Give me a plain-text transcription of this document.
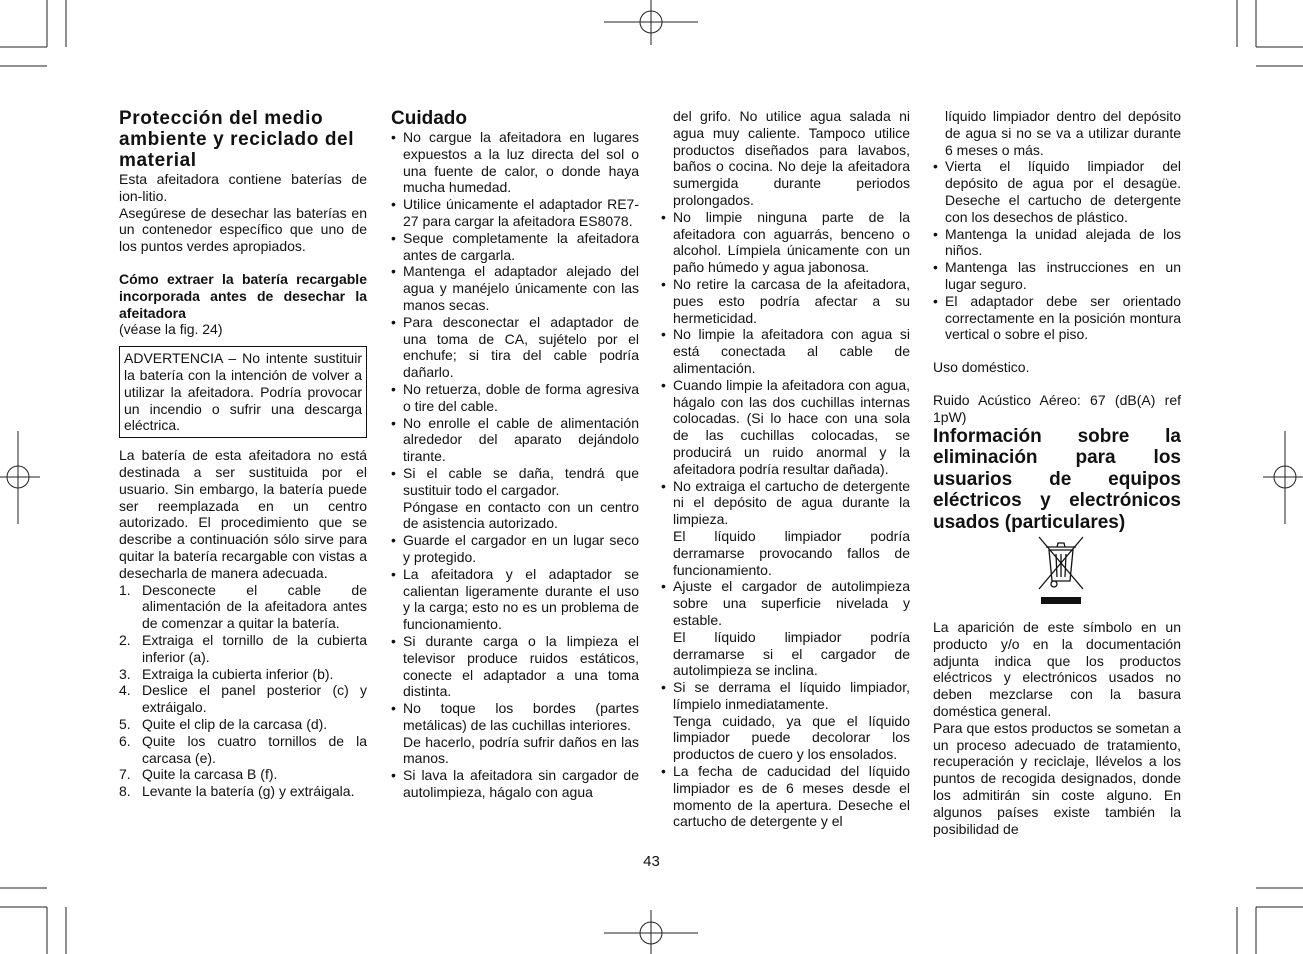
Protección del medio ambiente y reciclado del material

Esta afeitadora contiene baterías de ion-litio.

Asegúrese de desechar las baterías en un contenedor específico que uno de los puntos verdes apropiados.

Cómo extraer la batería recargable incorporada antes de desechar la afeitadora

(véase la fig. 24)

ADVERTENCIA – No intente sustituir la batería con la intención de volver a utilizar la afeitadora. Podría provocar un incendio o sufrir una descarga eléctrica.

La batería de esta afeitadora no está destinada a ser sustituida por el usuario. Sin embargo, la batería puede ser reemplazada en un centro autorizado. El procedimiento que se describe a continuación sólo sirve para quitar la batería recargable con vistas a desecharla de manera adecuada.

1. Desconecte el cable de alimentación de la afeitadora antes de comenzar a quitar la batería.
2. Extraiga el tornillo de la cubierta inferior (a).
3. Extraiga la cubierta inferior (b).
4. Deslice el panel posterior (c) y extráigalo.
5. Quite el clip de la carcasa (d).
6. Quite los cuatro tornillos de la carcasa (e).
7. Quite la carcasa B (f).
8. Levante la batería (g) y extráigala.

Cuidado

• No cargue la afeitadora en lugares expuestos a la luz directa del sol o una fuente de calor, o donde haya mucha humedad.
• Utilice únicamente el adaptador RE7-27 para cargar la afeitadora ES8078.
• Seque completamente la afeitadora antes de cargarla.
• Mantenga el adaptador alejado del agua y manéjelo únicamente con las manos secas.
• Para desconectar el adaptador de una toma de CA, sujételo por el enchufe; si tira del cable podría dañarlo.
• No retuerza, doble de forma agresiva o tire del cable.
• No enrolle el cable de alimentación alrededor del aparato dejándolo tirante.
• Si el cable se daña, tendrá que sustituir todo el cargador.
Póngase en contacto con un centro de asistencia autorizado.
• Guarde el cargador en un lugar seco y protegido.
• La afeitadora y el adaptador se calientan ligeramente durante el uso y la carga; esto no es un problema de funcionamiento.
• Si durante carga o la limpieza el televisor produce ruidos estáticos, conecte el adaptador a una toma distinta.
• No toque los bordes (partes metálicas) de las cuchillas interiores.
De hacerlo, podría sufrir daños en las manos.
• Si lava la afeitadora sin cargador de autolimpieza, hágalo con agua

del grifo. No utilice agua salada ni agua muy caliente. Tampoco utilice productos diseñados para lavabos, baños o cocina. No deje la afeitadora sumergida durante periodos prolongados.

• No limpie ninguna parte de la afeitadora con aguarrás, benceno o alcohol. Límpiela únicamente con un paño húmedo y agua jabonosa.
• No retire la carcasa de la afeitadora, pues esto podría afectar a su hermeticidad.
• No limpie la afeitadora con agua si está conectada al cable de alimentación.
• Cuando limpie la afeitadora con agua, hágalo con las dos cuchillas internas colocadas. (Si lo hace con una sola de las cuchillas colocadas, se producirá un ruido anormal y la afeitadora podría resultar dañada).
• No extraiga el cartucho de detergente ni el depósito de agua durante la limpieza.
El líquido limpiador podría derramarse provocando fallos de funcionamiento.
• Ajuste el cargador de autolimpieza sobre una superficie nivelada y estable.
El líquido limpiador podría derramarse si el cargador de autolimpieza se inclina.
• Si se derrama el líquido limpiador, límpielo inmediatamente.
Tenga cuidado, ya que el líquido limpiador puede decolorar los productos de cuero y los ensolados.
• La fecha de caducidad del líquido limpiador es de 6 meses desde el momento de la apertura. Deseche el cartucho de detergente y el

líquido limpiador dentro del depósito de agua si no se va a utilizar durante 6 meses o más.

• Vierta el líquido limpiador del depósito de agua por el desagüe. Deseche el cartucho de detergente con los desechos de plástico.
• Mantenga la unidad alejada de los niños.
• Mantenga las instrucciones en un lugar seguro.
• El adaptador debe ser orientado correctamente en la posición montura vertical o sobre el piso.

Uso doméstico.

Ruido Acústico Aéreo: 67 (dB(A) ref 1pW)

Información sobre la eliminación para los usuarios de equipos eléctricos y electrónicos usados (particulares)

La aparición de este símbolo en un producto y/o en la documentación adjunta indica que los productos eléctricos y electrónicos usados no deben mezclarse con la basura doméstica general.

Para que estos productos se sometan a un proceso adecuado de tratamiento, recuperación y reciclaje, llévelos a los puntos de recogida designados, donde los admitirán sin coste alguno. En algunos países existe también la posibilidad de

43
